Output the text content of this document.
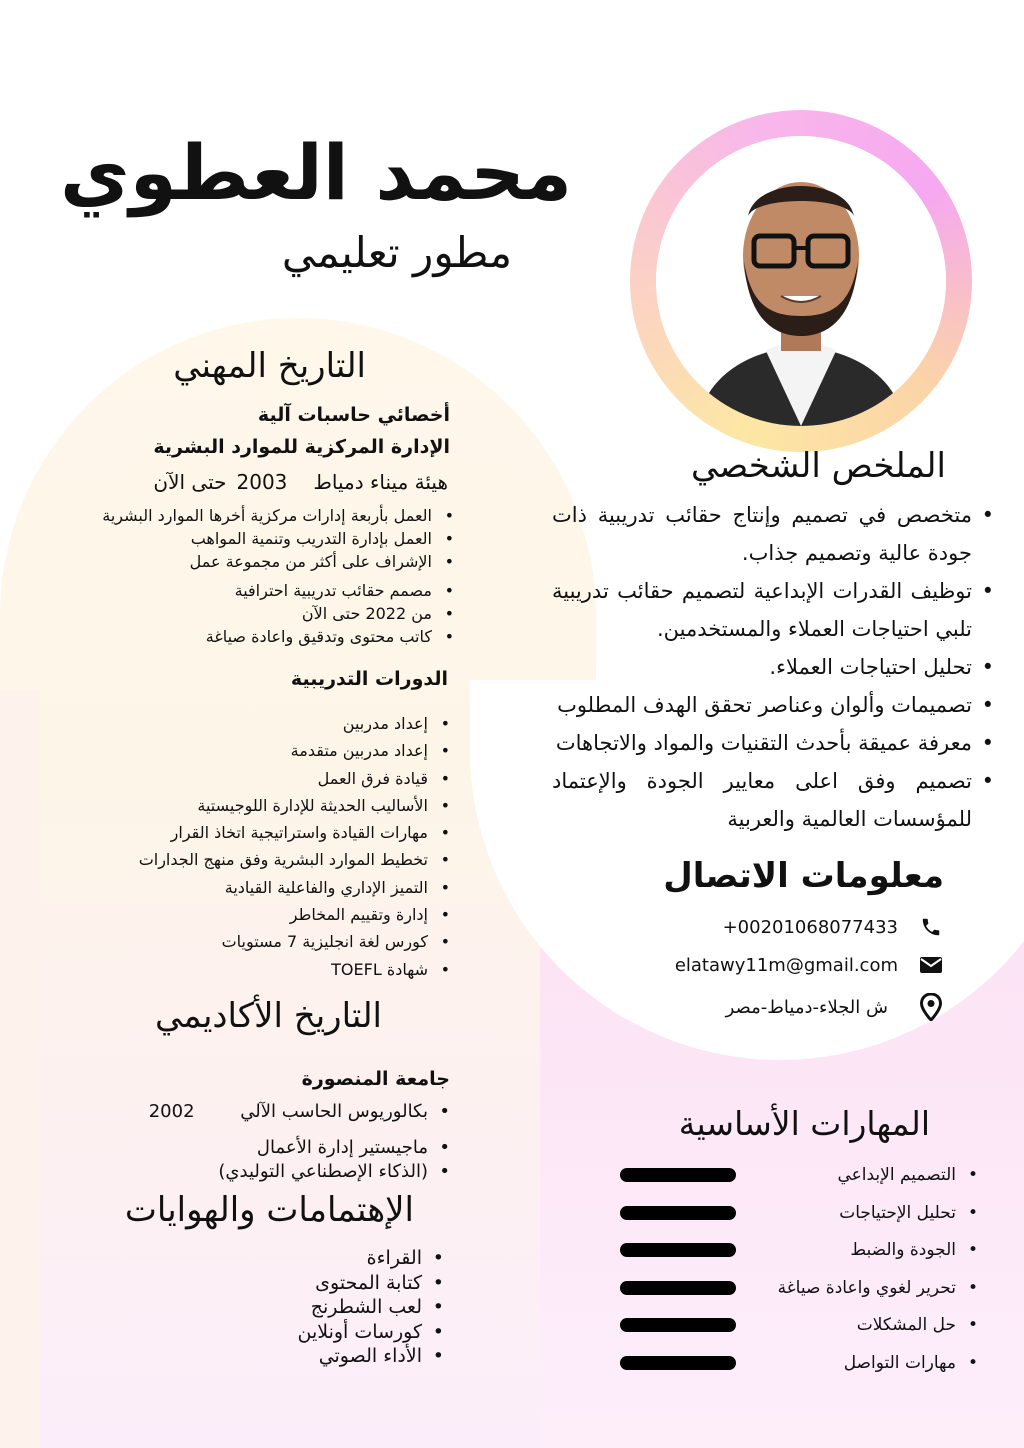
محمد العطوي
مطور تعليمي
الملخص الشخصي
• متخصص في تصميم وإنتاج حقائب تدريبية ذات جودة عالية وتصميم جذاب.
• توظيف القدرات الإبداعية لتصميم حقائب تدريبية تلبي احتياجات العملاء والمستخدمين.
• تحليل احتياجات العملاء.
• تصميمات وألوان وعناصر تحقق الهدف المطلوب
• معرفة عميقة بأحدث التقنيات والمواد والاتجاهات
• تصميم وفق اعلى معايير الجودة والإعتماد للمؤسسات العالمية والعربية
معلومات الاتصال
+00201068077433
elatawy11m@gmail.com
ش الجلاء-دمياط-مصر
المهارات الأساسية
• التصميم الإبداعي
• تحليل الإحتياجات
• الجودة والضبط
• تحرير لغوي واعادة صياغة
• حل المشكلات
• مهارات التواصل
التاريخ المهني
أخصائي حاسبات آلية
الإدارة المركزية للموارد البشرية
هيئة ميناء دمياط
2003
حتى الآن
• العمل بأربعة إدارات مركزية أخرها الموارد البشرية
• العمل بإدارة التدريب وتنمية المواهب
• الإشراف على أكثر من مجموعة عمل
• مصمم حقائب تدريبية احترافية
• من 2022 حتى الآن
• كاتب محتوى وتدقيق واعادة صياغة
الدورات التدريبية
• إعداد مدربين
• إعداد مدربين متقدمة
• قيادة فرق العمل
• الأساليب الحديثة للإدارة اللوجيستية
• مهارات القيادة واستراتيجية اتخاذ القرار
• تخطيط الموارد البشرية وفق منهج الجدارات
• التميز الإداري والفاعلية القيادية
• إدارة وتقييم المخاطر
• كورس لغة انجليزية 7 مستويات
• شهادة TOEFL
التاريخ الأكاديمي
جامعة المنصورة
• بكالوريوس الحاسب الآلي 2002
• ماجيستير إدارة الأعمال
• (الذكاء الإصطناعي التوليدي)
الإهتمامات والهوايات
• القراءة
• كتابة المحتوى
• لعب الشطرنج
• كورسات أونلاين
• الأداء الصوتي
